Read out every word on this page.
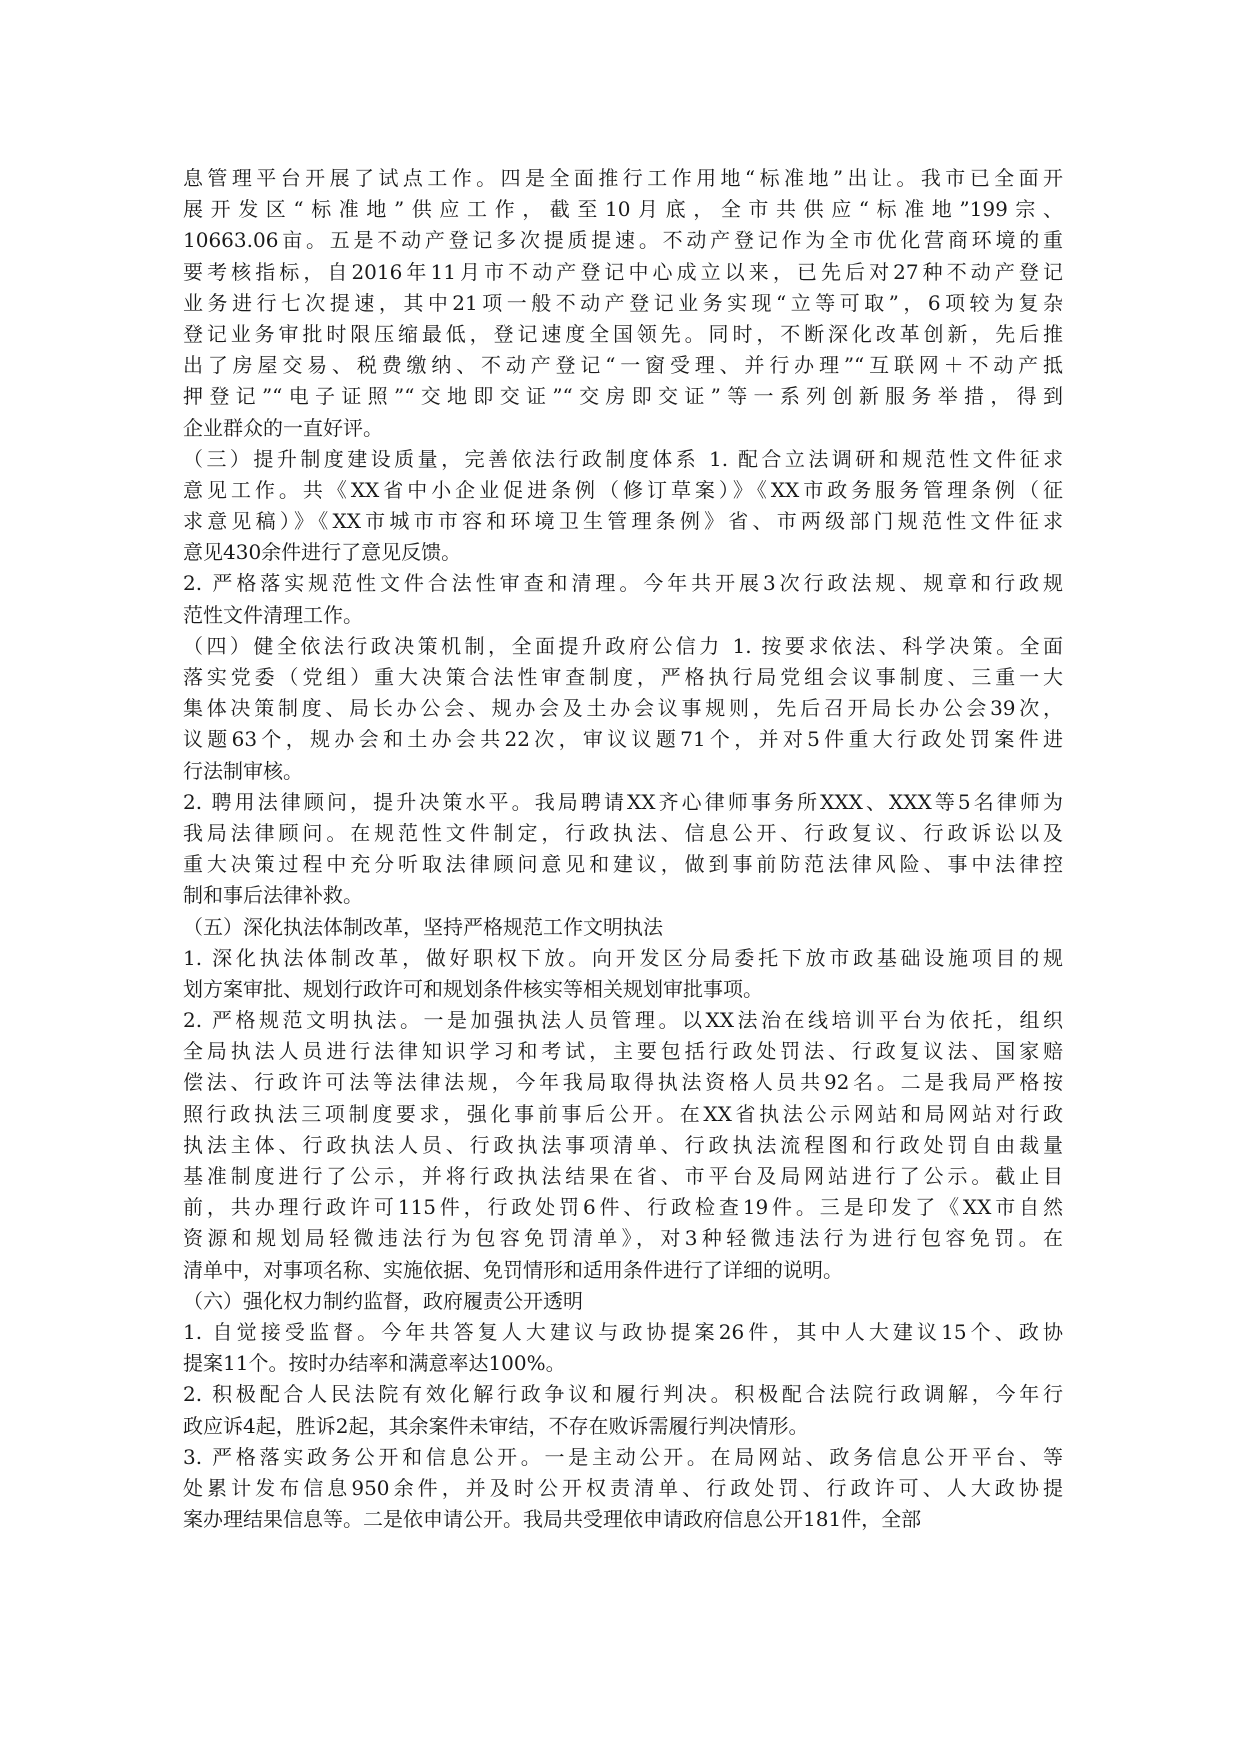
息管理平台开展了试点工作。四是全面推行工作用地“标准地”出让。我市已全面开
展开发区“标准地”供应工作，截至10月底，全市共供应“标准地”199宗、
10663.06亩。五是不动产登记多次提质提速。不动产登记作为全市优化营商环境的重
要考核指标，自2016年11月市不动产登记中心成立以来，已先后对27种不动产登记
业务进行七次提速，其中21项一般不动产登记业务实现“立等可取”，6项较为复杂
登记业务审批时限压缩最低，登记速度全国领先。同时，不断深化改革创新，先后推
出了房屋交易、税费缴纳、不动产登记“一窗受理、并行办理”“互联网＋不动产抵
押登记”“电子证照”“交地即交证”“交房即交证”等一系列创新服务举措，得到
企业群众的一直好评。
（三）提升制度建设质量，完善依法行政制度体系 1. 配合立法调研和规范性文件征求
意见工作。共《XX省中小企业促进条例（修订草案）》《XX市政务服务管理条例（征
求意见稿）》《XX市城市市容和环境卫生管理条例》省、市两级部门规范性文件征求
意见430余件进行了意见反馈。
2. 严格落实规范性文件合法性审查和清理。今年共开展3次行政法规、规章和行政规
范性文件清理工作。
（四）健全依法行政决策机制，全面提升政府公信力 1. 按要求依法、科学决策。全面
落实党委（党组）重大决策合法性审查制度，严格执行局党组会议事制度、三重一大
集体决策制度、局长办公会、规办会及土办会议事规则，先后召开局长办公会39次，
议题63个，规办会和土办会共22次，审议议题71个，并对5件重大行政处罚案件进
行法制审核。
2. 聘用法律顾问，提升决策水平。我局聘请XX齐心律师事务所XXX、XXX等5名律师为
我局法律顾问。在规范性文件制定，行政执法、信息公开、行政复议、行政诉讼以及
重大决策过程中充分听取法律顾问意见和建议，做到事前防范法律风险、事中法律控
制和事后法律补救。
（五）深化执法体制改革，坚持严格规范工作文明执法
1. 深化执法体制改革，做好职权下放。向开发区分局委托下放市政基础设施项目的规
划方案审批、规划行政许可和规划条件核实等相关规划审批事项。
2. 严格规范文明执法。一是加强执法人员管理。以XX法治在线培训平台为依托，组织
全局执法人员进行法律知识学习和考试，主要包括行政处罚法、行政复议法、国家赔
偿法、行政许可法等法律法规，今年我局取得执法资格人员共92名。二是我局严格按
照行政执法三项制度要求，强化事前事后公开。在XX省执法公示网站和局网站对行政
执法主体、行政执法人员、行政执法事项清单、行政执法流程图和行政处罚自由裁量
基准制度进行了公示，并将行政执法结果在省、市平台及局网站进行了公示。截止目
前，共办理行政许可115件，行政处罚6件、行政检查19件。三是印发了《XX市自然
资源和规划局轻微违法行为包容免罚清单》，对3种轻微违法行为进行包容免罚。在
清单中，对事项名称、实施依据、免罚情形和适用条件进行了详细的说明。
（六）强化权力制约监督，政府履责公开透明
1. 自觉接受监督。今年共答复人大建议与政协提案26件，其中人大建议15个、政协
提案11个。按时办结率和满意率达100%。
2. 积极配合人民法院有效化解行政争议和履行判决。积极配合法院行政调解，今年行
政应诉4起，胜诉2起，其余案件未审结，不存在败诉需履行判决情形。
3. 严格落实政务公开和信息公开。一是主动公开。在局网站、政务信息公开平台、等
处累计发布信息950余件，并及时公开权责清单、行政处罚、行政许可、人大政协提
案办理结果信息等。二是依申请公开。我局共受理依申请政府信息公开181件，全部
